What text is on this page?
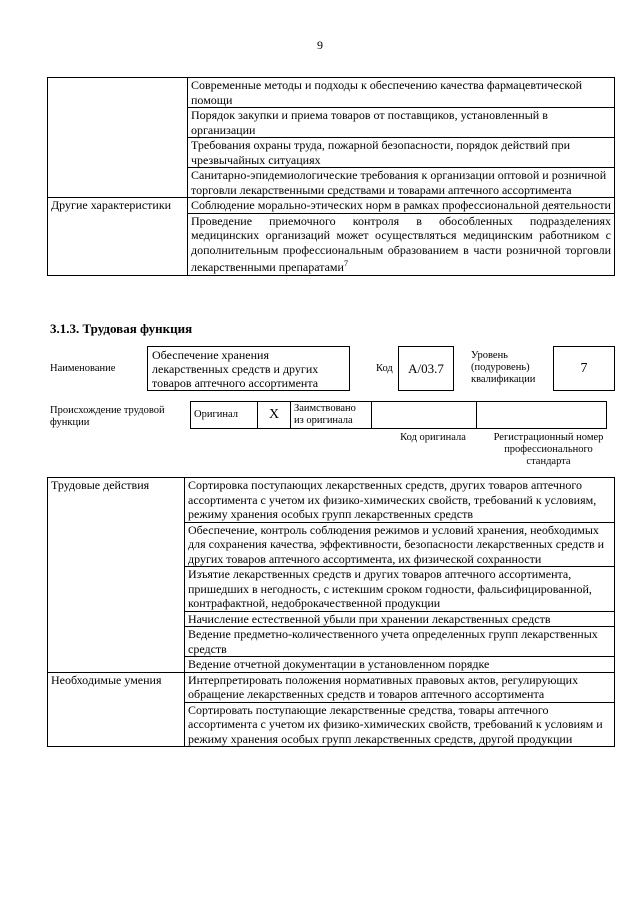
9
	Современные методы и подходы к обеспечению качества фармацевтической помощи
	Порядок закупки и приема товаров от поставщиков, установленный в организации
	Требования охраны труда, пожарной безопасности, порядок действий при чрезвычайных ситуациях
	Санитарно-эпидемиологические требования к организации оптовой и розничной торговли лекарственными средствами и товарами аптечного ассортимента
Другие характеристики	Соблюдение морально-этических норм в рамках профессиональной деятельности
	Проведение приемочного контроля в обособленных подразделениях медицинских организаций может осуществляться медицинским работником с дополнительным профессиональным образованием в части розничной торговли лекарственными препаратами$^7$
3.1.3. Трудовая функция
Наименование
Обеспечение хранения лекарственных средств и других товаров аптечного ассортимента
Код	A/03.7
Уровень (подуровень) квалификации
7
Происхождение трудовой функции
Оригинал	X	Заимствовано из оригинала		
Код оригинала	Регистрационный номер профессионального стандарта
Трудовые действия	Сортировка поступающих лекарственных средств, других товаров аптечного ассортимента с учетом их физико-химических свойств, требований к условиям, режиму хранения особых групп лекарственных средств
	Обеспечение, контроль соблюдения режимов и условий хранения, необходимых для сохранения качества, эффективности, безопасности лекарственных средств и других товаров аптечного ассортимента, их физической сохранности
	Изъятие лекарственных средств и других товаров аптечного ассортимента, пришедших в негодность, с истекшим сроком годности, фальсифицированной, контрафактной, недоброкачественной продукции
	Начисление естественной убыли при хранении лекарственных средств
	Ведение предметно-количественного учета определенных групп лекарственных средств
	Ведение отчетной документации в установленном порядке
Необходимые умения	Интерпретировать положения нормативных правовых актов, регулирующих обращение лекарственных средств и товаров аптечного ассортимента
	Сортировать поступающие лекарственные средства, товары аптечного ассортимента с учетом их физико-химических свойств, требований к условиям и режиму хранения особых групп лекарственных средств, другой продукции
